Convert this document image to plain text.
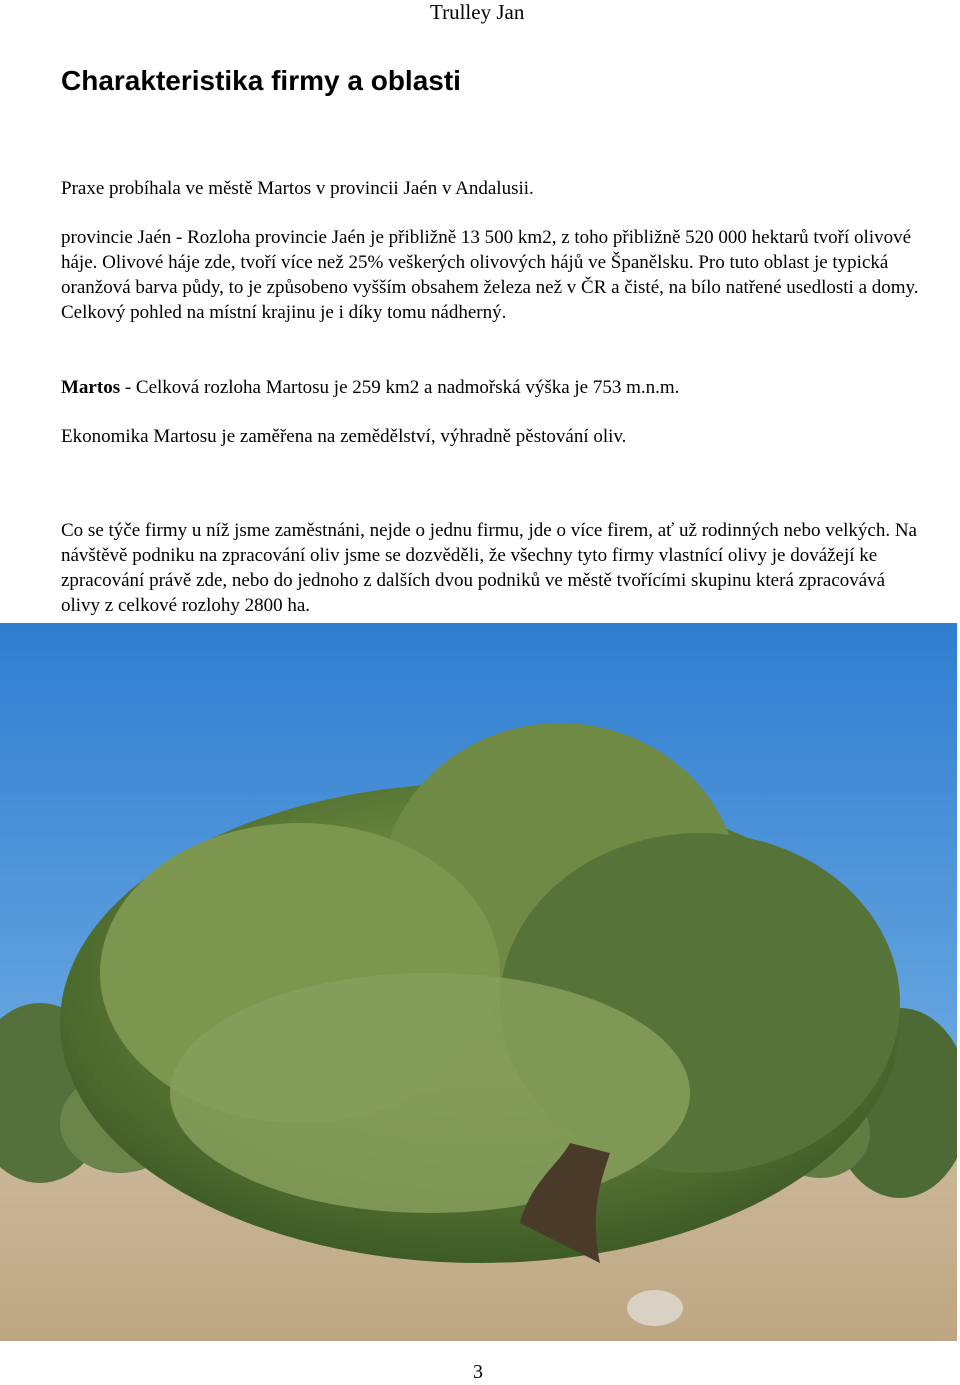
Trulley Jan
Charakteristika firmy a oblasti

Praxe probíhala ve městě Martos v provincii Jaén v Andalusii.

provincie Jaén - Rozloha provincie Jaén je přibližně 13 500 km2, z toho přibližně 520 000 hektarů tvoří olivové háje. Olivové háje zde, tvoří více než 25% veškerých olivových hájů ve Španělsku. Pro tuto oblast je typická oranžová barva půdy, to je způsobeno vyšším obsahem železa než v ČR a čisté, na bílo natřené usedlosti a domy. Celkový pohled na místní krajinu je i díky tomu nádherný.

Martos - Celková rozloha Martosu je 259 km2 a nadmořská výška je 753 m.n.m.

Ekonomika Martosu je zaměřena na zemědělství, výhradně pěstování oliv.

Co se týče firmy u níž jsme zaměstnáni, nejde o jednu firmu, jde o více firem, ať už rodinných nebo velkých. Na návštěvě podniku na zpracování oliv jsme se dozvěděli, že všechny tyto firmy vlastnící olivy je dovážejí ke zpracování právě zde, nebo do jednoho z dalších dvou podniků ve městě tvořícími skupinu která zpracovává olivy z celkové rozlohy 2800 ha.

3
